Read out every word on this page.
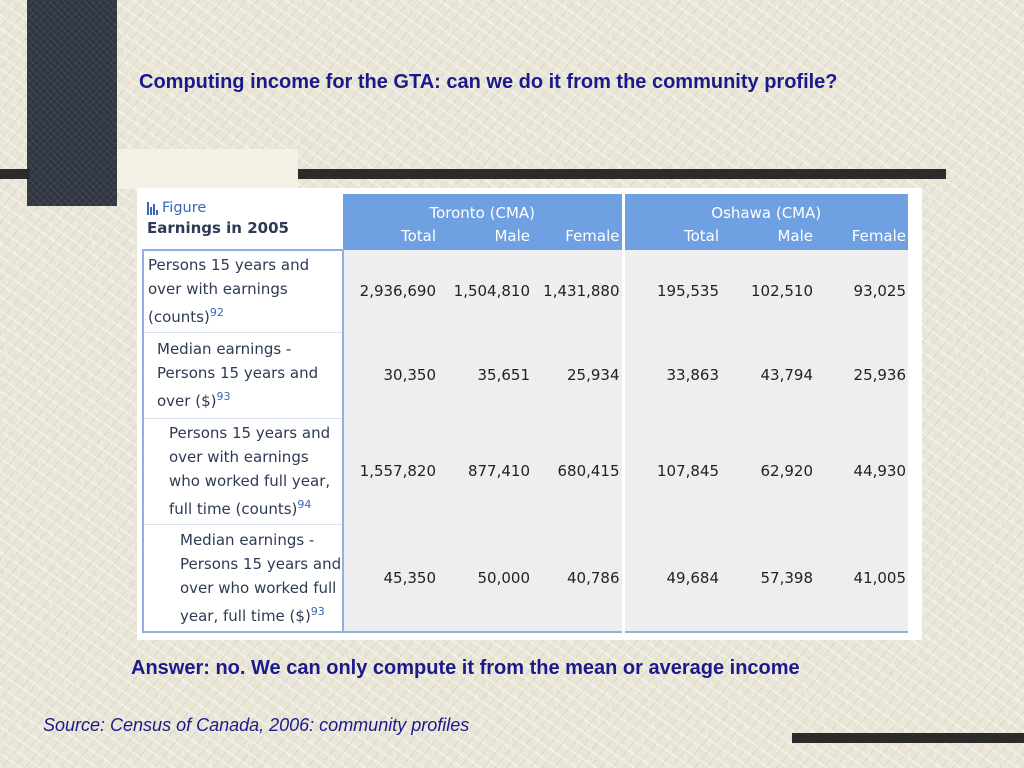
Computing income for the GTA: can we do it from the community profile?
Figure
Earnings in 2005	Toronto (CMA)			Oshawa (CMA)		
	Total	Male	Female	Total	Male	Female
Persons 15 years and over with earnings (counts)$^{92}$	2,936,690	1,504,810	1,431,880	195,535	102,510	93,025
Median earnings - Persons 15 years and over ($)$^{93}$	30,350	35,651	25,934	33,863	43,794	25,936
Persons 15 years and over with earnings who worked full year, full time (counts)$^{94}$	1,557,820	877,410	680,415	107,845	62,920	44,930
Median earnings - Persons 15 years and over who worked full year, full time ($)$^{93}$	45,350	50,000	40,786	49,684	57,398	41,005

Answer: no. We can only compute it from the mean or average income

Source: Census of Canada, 2006: community profiles
